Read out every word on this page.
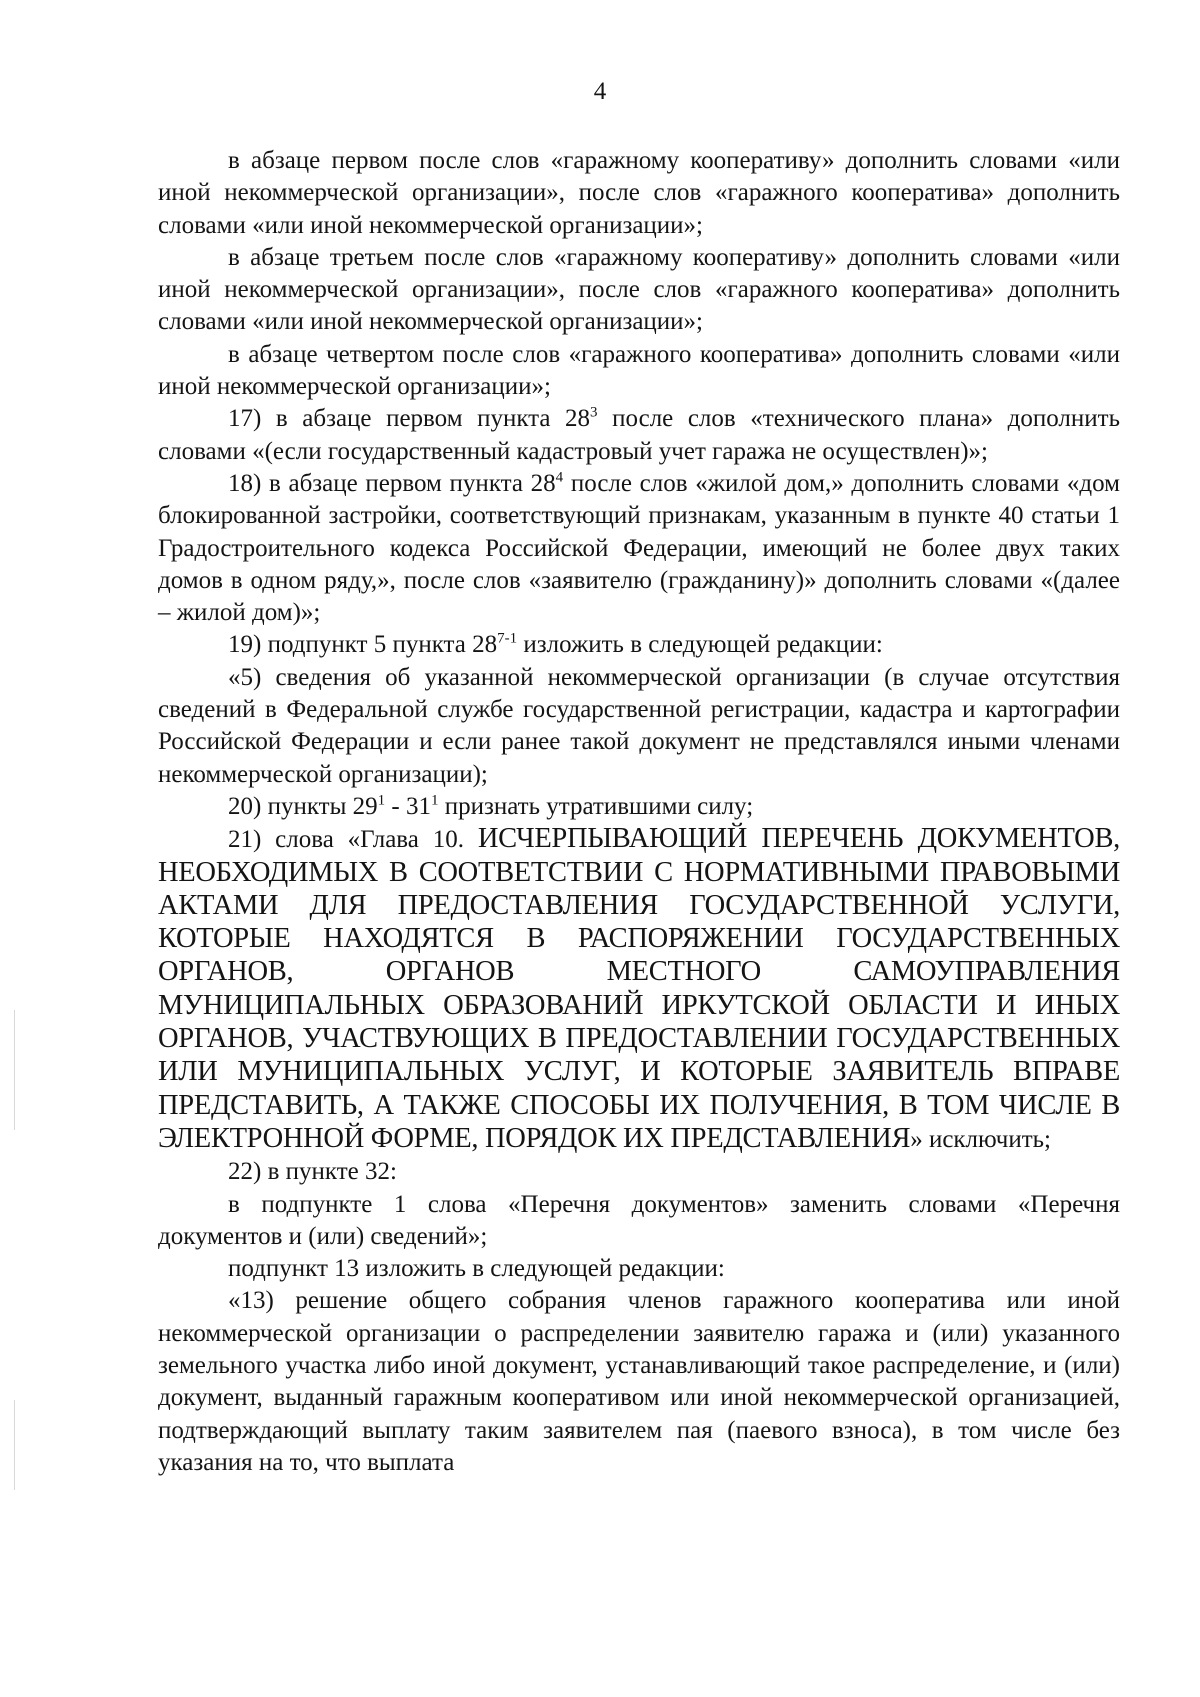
4

в абзаце первом после слов «гаражному кооперативу» дополнить словами «или иной некоммерческой организации», после слов «гаражного кооператива» дополнить словами «или иной некоммерческой организации»;

в абзаце третьем после слов «гаражному кооперативу» дополнить словами «или иной некоммерческой организации», после слов «гаражного кооператива» дополнить словами «или иной некоммерческой организации»;

в абзаце четвертом после слов «гаражного кооператива» дополнить словами «или иной некоммерческой организации»;

17) в абзаце первом пункта $28^3$ после слов «технического плана» дополнить словами «(если государственный кадастровый учет гаража не осуществлен)»;

18) в абзаце первом пункта $28^4$ после слов «жилой дом,» дополнить словами «дом блокированной застройки, соответствующий признакам, указанным в пункте 40 статьи 1 Градостроительного кодекса Российской Федерации, имеющий не более двух таких домов в одном ряду,», после слов «заявителю (гражданину)» дополнить словами «(далее – жилой дом)»;

19) подпункт 5 пункта 28$^{7-1}$ изложить в следующей редакции:

«5) сведения об указанной некоммерческой организации (в случае отсутствия сведений в Федеральной службе государственной регистрации, кадастра и картографии Российской Федерации и если ранее такой документ не представлялся иными членами некоммерческой организации);

20) пункты $29^1 - 31^1$ признать утратившими силу;

21) слова «Глава 10. ИСЧЕРПЫВАЮЩИЙ ПЕРЕЧЕНЬ ДОКУМЕНТОВ, НЕОБХОДИМЫХ В СООТВЕТСТВИИ С НОРМАТИВНЫМИ ПРАВОВЫМИ АКТАМИ ДЛЯ ПРЕДОСТАВЛЕНИЯ ГОСУДАРСТВЕННОЙ УСЛУГИ, КОТОРЫЕ НАХОДЯТСЯ В РАСПОРЯЖЕНИИ ГОСУДАРСТВЕННЫХ ОРГАНОВ, ОРГАНОВ МЕСТНОГО САМОУПРАВЛЕНИЯ МУНИЦИПАЛЬНЫХ ОБРАЗОВАНИЙ ИРКУТСКОЙ ОБЛАСТИ И ИНЫХ ОРГАНОВ, УЧАСТВУЮЩИХ В ПРЕДОСТАВЛЕНИИ ГОСУДАРСТВЕННЫХ ИЛИ МУНИЦИПАЛЬНЫХ УСЛУГ, И КОТОРЫЕ ЗАЯВИТЕЛЬ ВПРАВЕ ПРЕДСТАВИТЬ, А ТАКЖЕ СПОСОБЫ ИХ ПОЛУЧЕНИЯ, В ТОМ ЧИСЛЕ В ЭЛЕКТРОННОЙ ФОРМЕ, ПОРЯДОК ИХ ПРЕДСТАВЛЕНИЯ» исключить;

22) в пункте 32:

в подпункте 1 слова «Перечня документов» заменить словами «Перечня документов и (или) сведений»;

подпункт 13 изложить в следующей редакции:

«13) решение общего собрания членов гаражного кооператива или иной некоммерческой организации о распределении заявителю гаража и (или) указанного земельного участка либо иной документ, устанавливающий такое распределение, и (или) документ, выданный гаражным кооперативом или иной некоммерческой организацией, подтверждающий выплату таким заявителем пая (паевого взноса), в том числе без указания на то, что выплата
